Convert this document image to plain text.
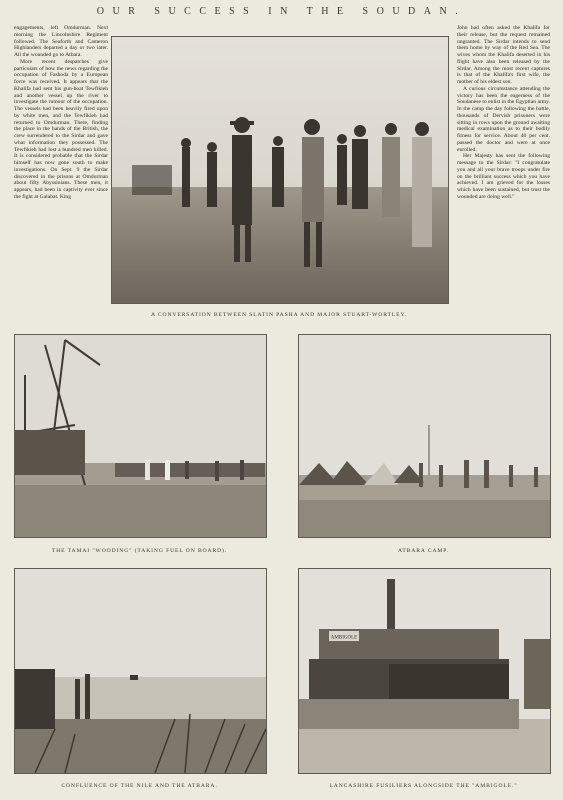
OUR SUCCESS IN THE SOUDAN.

engagements, left Omdurman. Next morning the Lincolnshire Regiment followed. The Seaforth and Cameron Highlanders departed a day or two later. All the wounded go to Atbara.

More recent despatches give particulars of how the news regarding the occupation of Fashoda by a European force was received. It appears that the Khalifa had sent his gun-boat Tewfikieh and another vessel up the river to investigate the rumour of the occupation. The vessels had been heavily fired upon by white men, and the Tewfikieh had returned to Omdurman. There, finding the place in the hands of the British, the crew surrendered to the Sirdar and gave what information they possessed. The Tewfikieh had lost a hundred men killed. It is considered probable that the Sirdar himself has now gone south to make investigations. On Sept. 9 the Sirdar discovered in the prisons at Omdurman about fifty Abyssinians. These men, it appears, had been in captivity ever since the fight at Galabat. King

John had often asked the Khalifa for their release, but the request remained ungranted. The Sirdar intends to send them home by way of the Red Sea. The wives whom the Khalifa deserted in his flight have also been released by the Sirdar. Among the most recent captures is that of the Khalifa's first wife, the mother of his eldest son.

A curious circumstance attending the victory has been the eagerness of the Soudanese to enlist in the Egyptian army. In the camp the day following the battle, thousands of Dervish prisoners were sitting in rows upon the ground awaiting medical examination as to their bodily fitness for service. About 40 per cent. passed the doctor and were at once enrolled.

Her Majesty has sent the following message to the Sirdar: "I congratulate you and all your brave troops under fire on the brilliant success which you have achieved. I am grieved for the losses which have been sustained, but trust the wounded are doing well."

A CONVERSATION BETWEEN SLATIN PASHA AND MAJOR STUART-WORTLEY.
THE TAMAI "WOODING" (TAKING FUEL ON BOARD).	ATBARA CAMP.
CONFLUENCE OF THE NILE AND THE ATBARA.
AMBIGOLE
LANCASHIRE FUSILIERS ALONGSIDE THE "AMBIGOLE."
